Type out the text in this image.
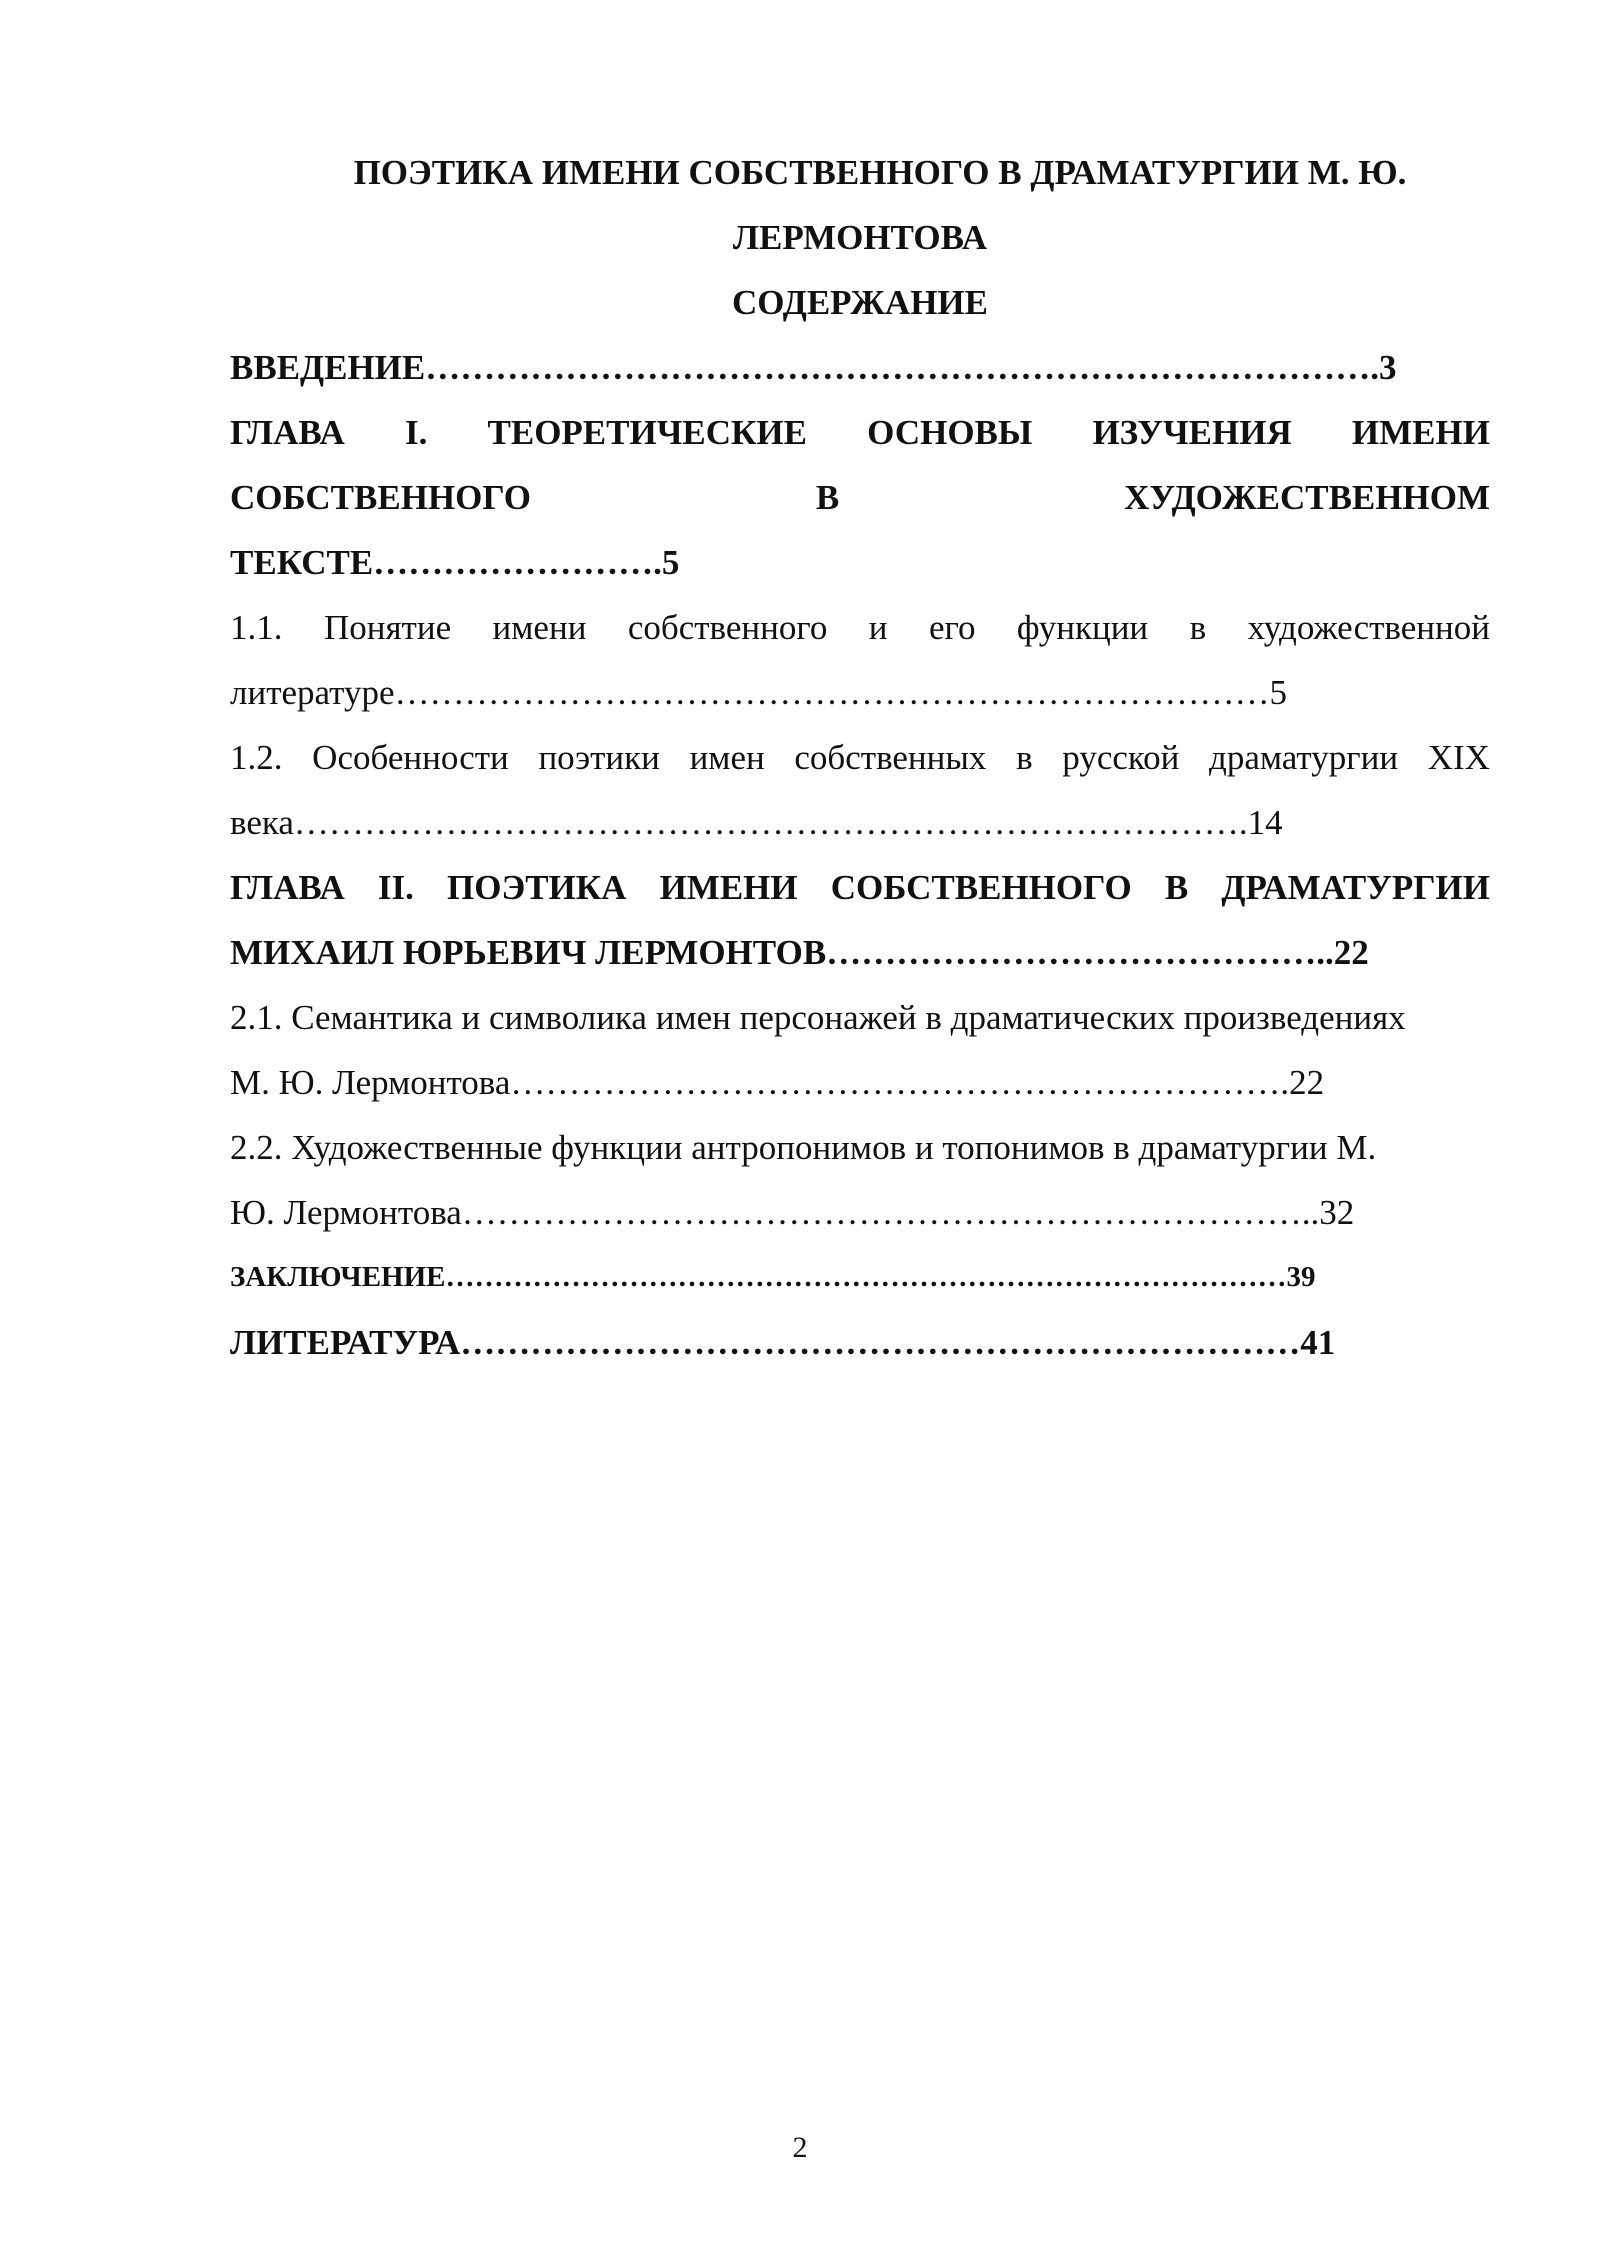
ПОЭТИКА ИМЕНИ СОБСТВЕННОГО В ДРАМАТУРГИИ М. Ю.
ЛЕРМОНТОВА
СОДЕРЖАНИЕ
ВВЕДЕНИЕ……………………………………………………………………….3
ГЛАВА I. ТЕОРЕТИЧЕСКИЕ ОСНОВЫ ИЗУЧЕНИЯ ИМЕНИ
СОБСТВЕННОГО	В	ХУДОЖЕСТВЕННОМ
ТЕКСТЕ…………………….5
1.1. Понятие имени собственного и его функции в художественной
литературе…………………………………………………………………5
1.2. Особенности поэтики имен собственных в русской драматургии XIX
века……………………………………………………………………….14
ГЛАВА II. ПОЭТИКА ИМЕНИ СОБСТВЕННОГО В ДРАМАТУРГИИ
МИХАИЛ ЮРЬЕВИЧ ЛЕРМОНТОВ……………………………………..22
2.1. Семантика и символика имен персонажей в драматических произведениях
М. Ю. Лермонтова………………………………………………………….22
2.2. Художественные функции антропонимов и топонимов в драматургии М.
Ю. Лермонтова………………………………………………………………..32
ЗАКЛЮЧЕНИЕ……………………………………………………………………………39
ЛИТЕРАТУРА………………………………………………………………41
2
